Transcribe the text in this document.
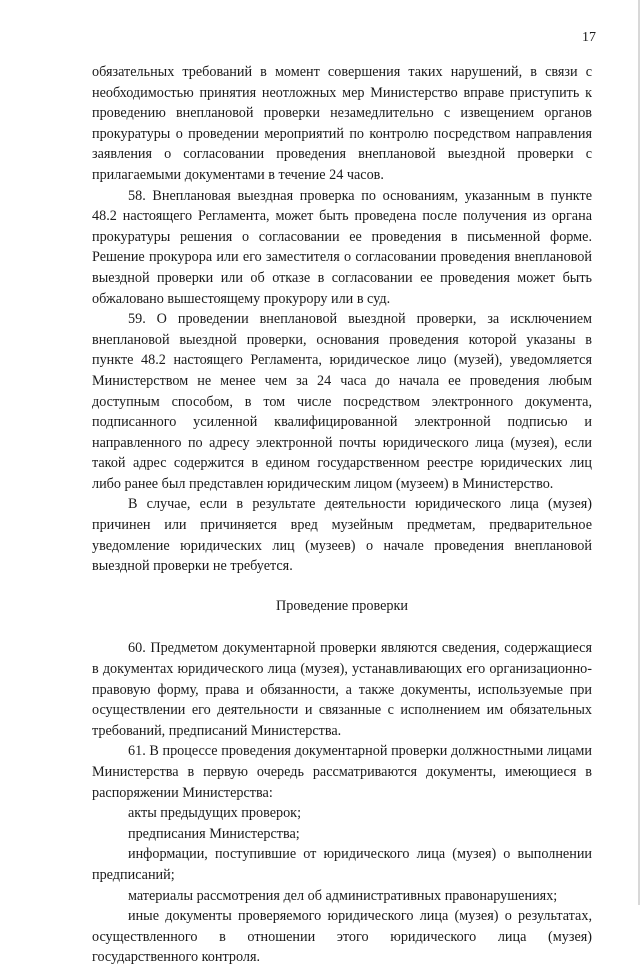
17

обязательных требований в момент совершения таких нарушений, в связи с необходимостью принятия неотложных мер Министерство вправе приступить к проведению внеплановой проверки незамедлительно с извещением органов прокуратуры о проведении мероприятий по контролю посредством направления заявления о согласовании проведения внеплановой выездной проверки с прилагаемыми документами в течение 24 часов.

58. Внеплановая выездная проверка по основаниям, указанным в пункте 48.2 настоящего Регламента, может быть проведена после получения из органа прокуратуры решения о согласовании ее проведения в письменной форме. Решение прокурора или его заместителя о согласовании проведения внеплановой выездной проверки или об отказе в согласовании ее проведения может быть обжаловано вышестоящему прокурору или в суд.

59. О проведении внеплановой выездной проверки, за исключением внеплановой выездной проверки, основания проведения которой указаны в пункте 48.2 настоящего Регламента, юридическое лицо (музей), уведомляется Министерством не менее чем за 24 часа до начала ее проведения любым доступным способом, в том числе посредством электронного документа, подписанного усиленной квалифицированной электронной подписью и направленного по адресу электронной почты юридического лица (музея), если такой адрес содержится в едином государственном реестре юридических лиц либо ранее был представлен юридическим лицом (музеем) в Министерство.

В случае, если в результате деятельности юридического лица (музея) причинен или причиняется вред музейным предметам, предварительное уведомление юридических лиц (музеев) о начале проведения внеплановой выездной проверки не требуется.

Проведение проверки

60. Предметом документарной проверки являются сведения, содержащиеся в документах юридического лица (музея), устанавливающих его организационно-правовую форму, права и обязанности, а также документы, используемые при осуществлении его деятельности и связанные с исполнением им обязательных требований, предписаний Министерства.

61. В процессе проведения документарной проверки должностными лицами Министерства в первую очередь рассматриваются документы, имеющиеся в распоряжении Министерства:

акты предыдущих проверок;

предписания Министерства;

информации, поступившие от юридического лица (музея) о выполнении предписаний;

материалы рассмотрения дел об административных правонарушениях;

иные документы проверяемого юридического лица (музея) о результатах, осуществленного в отношении этого юридического лица (музея) государственного контроля.
